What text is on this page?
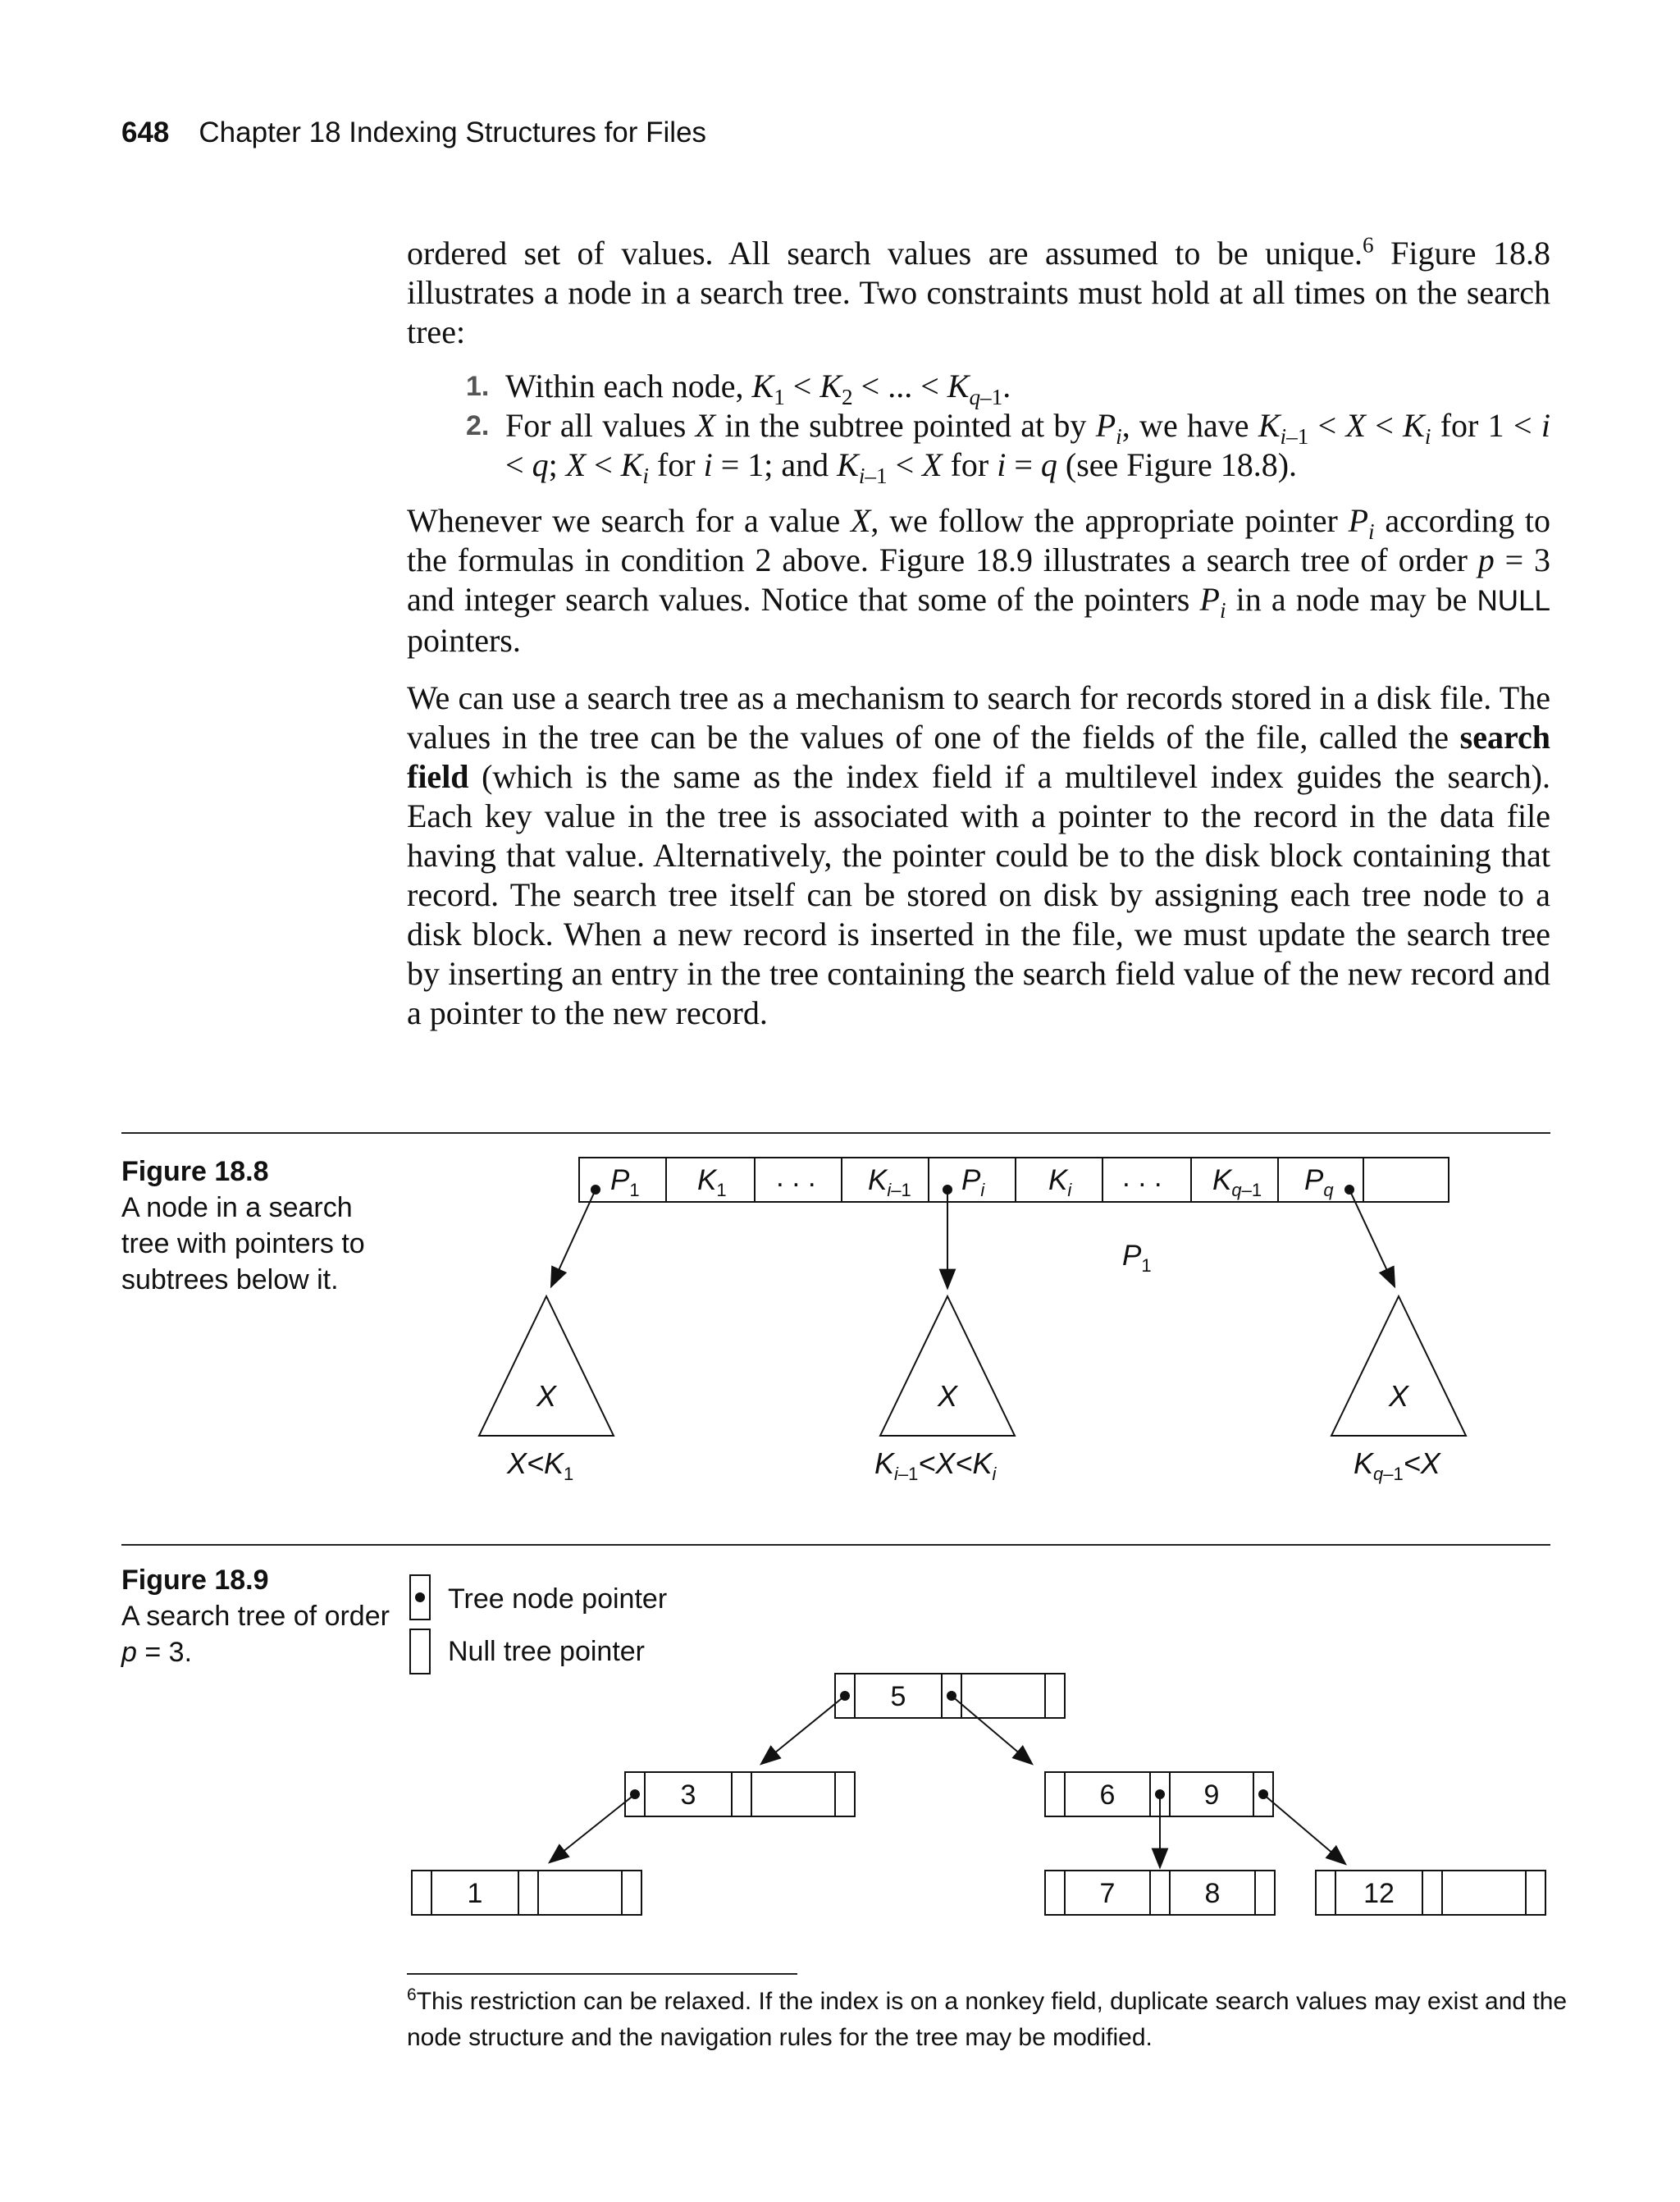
648 Chapter 18 Indexing Structures for Files

ordered set of values. All search values are assumed to be unique.$^6$ Figure 18.8 illustrates a node in a search tree. Two constraints must hold at all times on the search tree:

1. Within each node, $K_1 < K_2$ < ... < $K_{q-1}$.
2. For all values X in the subtree pointed at by $P_i$, we have $K_{i-1} < X < K_i$ for 1 < i < q; $X < K_i$ for i = 1; and $K_{i-1} < X$ for i = q (see Figure 18.8).

Whenever we search for a value X, we follow the appropriate pointer $P_i$ according to the formulas in condition 2 above. Figure 18.9 illustrates a search tree of order p = 3 and integer search values. Notice that some of the pointers $P_i$ in a node may be NULL pointers.

We can use a search tree as a mechanism to search for records stored in a disk file. The values in the tree can be the values of one of the fields of the file, called the search field (which is the same as the index field if a multilevel index guides the search). Each key value in the tree is associated with a pointer to the record in the data file having that value. Alternatively, the pointer could be to the disk block containing that record. The search tree itself can be stored on disk by assigning each tree node to a disk block. When a new record is inserted in the file, we must update the search tree by inserting an entry in the tree containing the search field value of the new record and a pointer to the new record.

Figure 18.8
A node in a search tree with pointers to subtrees below it.
$P_1$ $K_1$ . . . $K_i-1$ $P_i$ $K_i$ . . . $K_q-1$ $P_q$
$P_1$
X	X	X
$X<K_1$	$K_i-1<X<K_i$	$K_q-1<X$
Figure 18.9
A search tree of order p = 3.
Tree node pointer
Null tree pointer
5
3	6	9
1	7	8	12
$^6$This restriction can be relaxed. If the index is on a nonkey field, duplicate search values may exist and the node structure and the navigation rules for the tree may be modified.
